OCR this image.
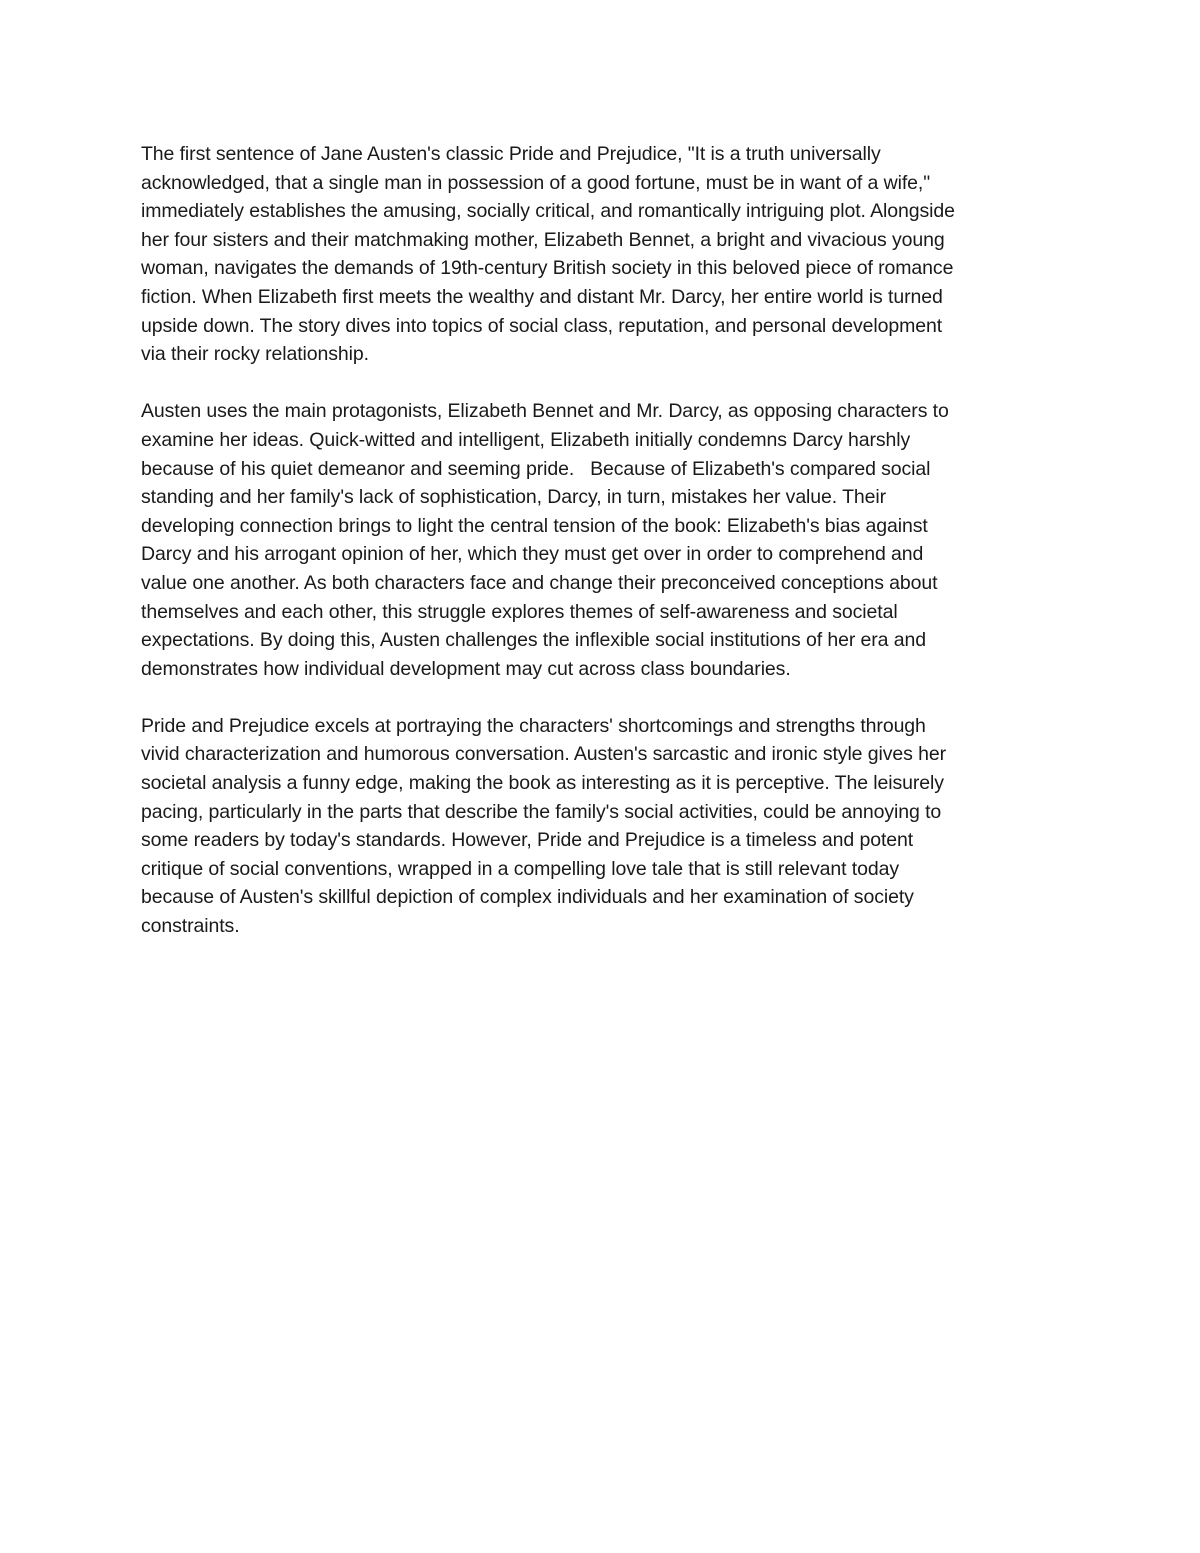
The first sentence of Jane Austen's classic Pride and Prejudice, "It is a truth universally
acknowledged, that a single man in possession of a good fortune, must be in want of a wife,"
immediately establishes the amusing, socially critical, and romantically intriguing plot. Alongside
her four sisters and their matchmaking mother, Elizabeth Bennet, a bright and vivacious young
woman, navigates the demands of 19th-century British society in this beloved piece of romance
fiction. When Elizabeth first meets the wealthy and distant Mr. Darcy, her entire world is turned
upside down. The story dives into topics of social class, reputation, and personal development
via their rocky relationship.

Austen uses the main protagonists, Elizabeth Bennet and Mr. Darcy, as opposing characters to
examine her ideas. Quick-witted and intelligent, Elizabeth initially condemns Darcy harshly
because of his quiet demeanor and seeming pride.   Because of Elizabeth's compared social
standing and her family's lack of sophistication, Darcy, in turn, mistakes her value. Their
developing connection brings to light the central tension of the book: Elizabeth's bias against
Darcy and his arrogant opinion of her, which they must get over in order to comprehend and
value one another. As both characters face and change their preconceived conceptions about
themselves and each other, this struggle explores themes of self-awareness and societal
expectations. By doing this, Austen challenges the inflexible social institutions of her era and
demonstrates how individual development may cut across class boundaries.

Pride and Prejudice excels at portraying the characters' shortcomings and strengths through
vivid characterization and humorous conversation. Austen's sarcastic and ironic style gives her
societal analysis a funny edge, making the book as interesting as it is perceptive. The leisurely
pacing, particularly in the parts that describe the family's social activities, could be annoying to
some readers by today's standards. However, Pride and Prejudice is a timeless and potent
critique of social conventions, wrapped in a compelling love tale that is still relevant today
because of Austen's skillful depiction of complex individuals and her examination of society
constraints.
